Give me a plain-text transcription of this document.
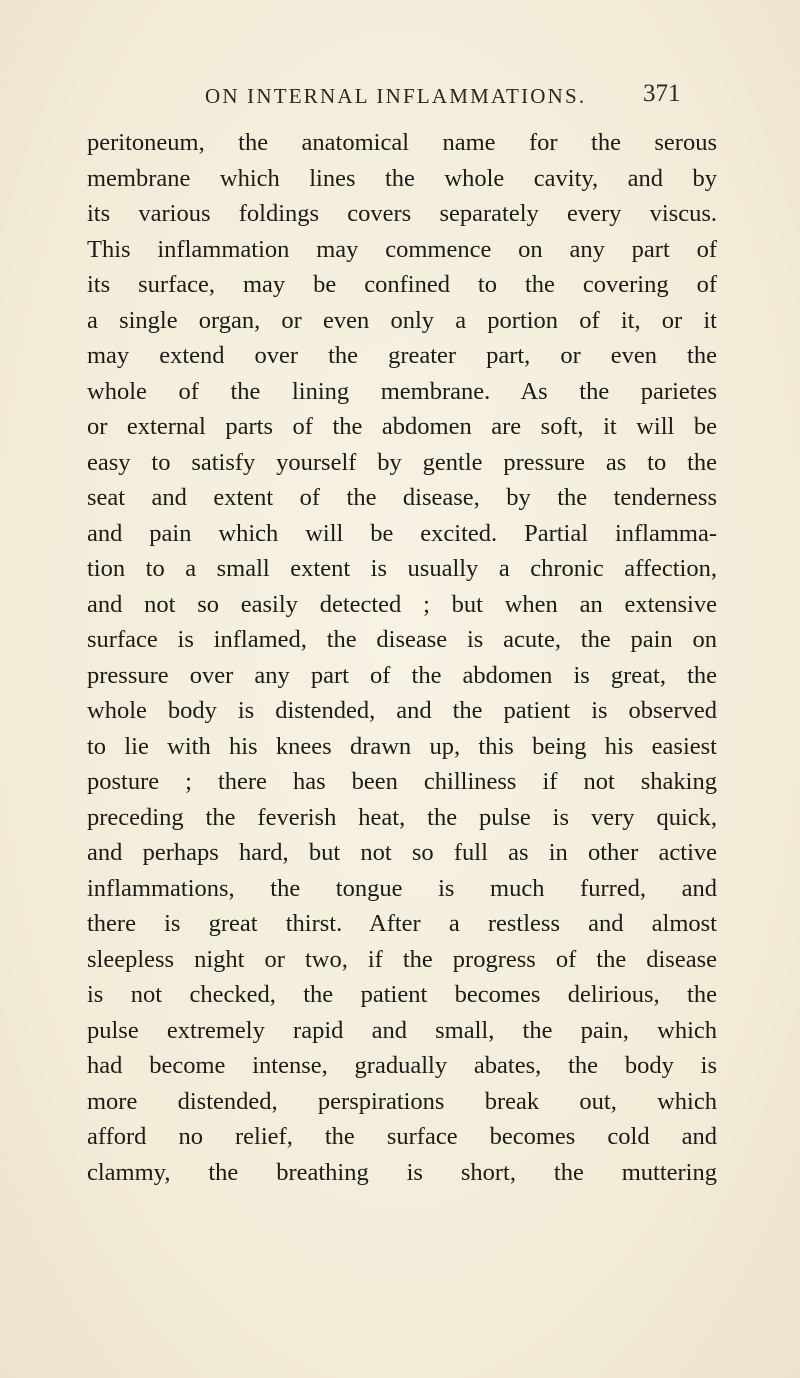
ON INTERNAL INFLAMMATIONS. 371
peritoneum, the anatomical name for the serous
membrane which lines the whole cavity, and by
its various foldings covers separately every viscus.
This inflammation may commence on any part of
its surface, may be confined to the covering of
a single organ, or even only a portion of it, or it
may extend over the greater part, or even the
whole of the lining membrane. As the parietes
or external parts of the abdomen are soft, it will be
easy to satisfy yourself by gentle pressure as to the
seat and extent of the disease, by the tenderness
and pain which will be excited. Partial inflamma-
tion to a small extent is usually a chronic affection,
and not so easily detected ; but when an extensive
surface is inflamed, the disease is acute, the pain on
pressure over any part of the abdomen is great, the
whole body is distended, and the patient is observed
to lie with his knees drawn up, this being his easiest
posture ; there has been chilliness if not shaking
preceding the feverish heat, the pulse is very quick,
and perhaps hard, but not so full as in other active
inflammations, the tongue is much furred, and
there is great thirst. After a restless and almost
sleepless night or two, if the progress of the disease
is not checked, the patient becomes delirious, the
pulse extremely rapid and small, the pain, which
had become intense, gradually abates, the body is
more distended, perspirations break out, which
afford no relief, the surface becomes cold and
clammy, the breathing is short, the muttering
